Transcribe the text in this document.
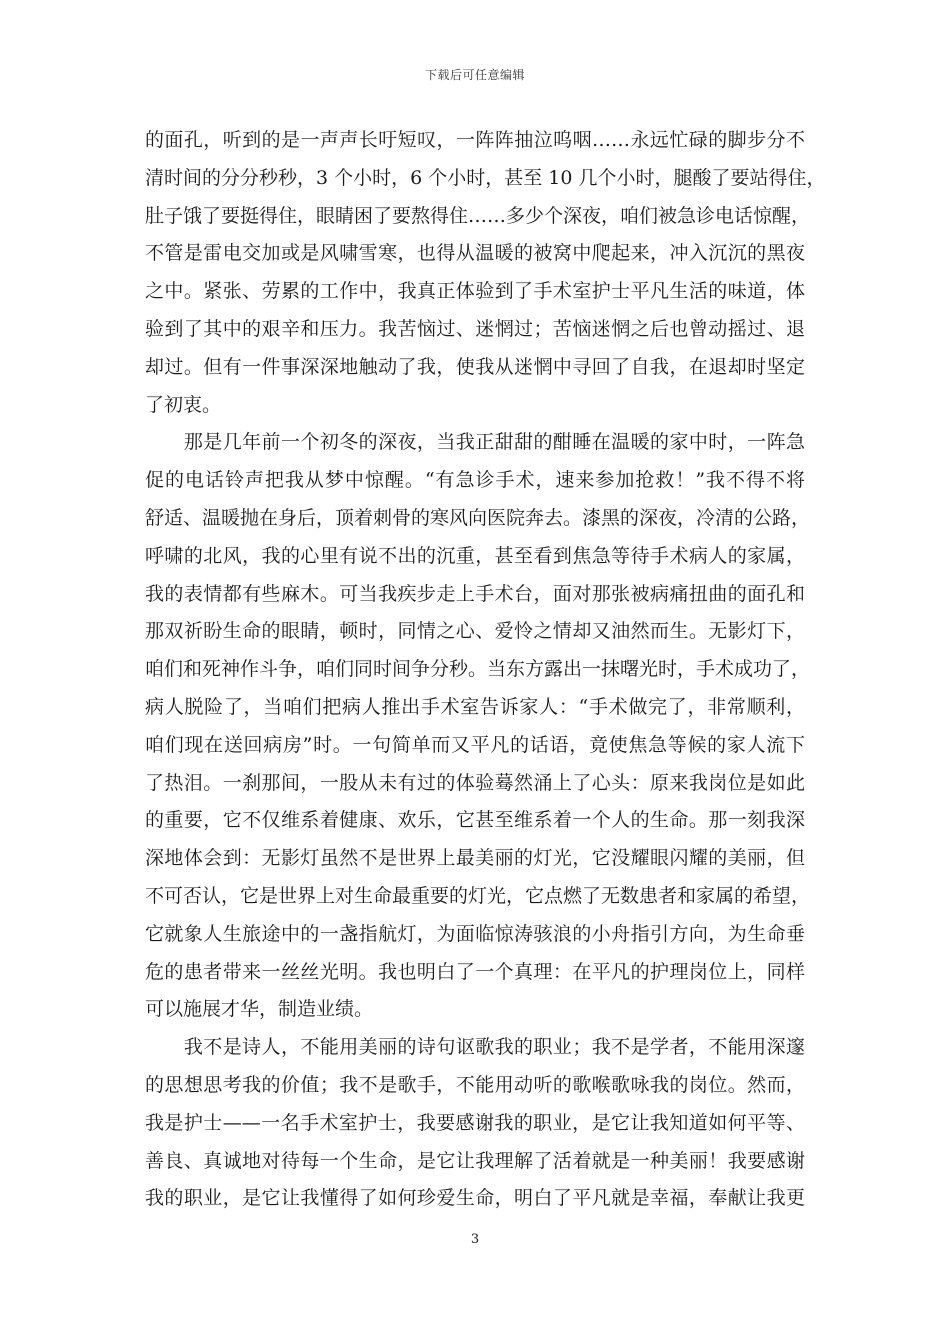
下载后可任意编辑
的面孔，听到的是一声声长吁短叹，一阵阵抽泣呜咽……永远忙碌的脚步分不
清时间的分分秒秒，3 个小时，6 个小时，甚至 10 几个小时，腿酸了要站得住，
肚子饿了要挺得住，眼睛困了要熬得住……多少个深夜，咱们被急诊电话惊醒，
不管是雷电交加或是风啸雪寒，也得从温暖的被窝中爬起来，冲入沉沉的黑夜
之中。紧张、劳累的工作中，我真正体验到了手术室护士平凡生活的味道，体
验到了其中的艰辛和压力。我苦恼过、迷惘过；苦恼迷惘之后也曾动摇过、退
却过。但有一件事深深地触动了我，使我从迷惘中寻回了自我，在退却时坚定
了初衷。
　　那是几年前一个初冬的深夜，当我正甜甜的酣睡在温暖的家中时，一阵急
促的电话铃声把我从梦中惊醒。“有急诊手术，速来参加抢救！”我不得不将
舒适、温暖抛在身后，顶着刺骨的寒风向医院奔去。漆黑的深夜，冷清的公路，
呼啸的北风，我的心里有说不出的沉重，甚至看到焦急等待手术病人的家属，
我的表情都有些麻木。可当我疾步走上手术台，面对那张被病痛扭曲的面孔和
那双祈盼生命的眼睛，顿时，同情之心、爱怜之情却又油然而生。无影灯下，
咱们和死神作斗争，咱们同时间争分秒。当东方露出一抹曙光时，手术成功了，
病人脱险了，当咱们把病人推出手术室告诉家人：“手术做完了，非常顺利，
咱们现在送回病房”时。一句简单而又平凡的话语，竟使焦急等候的家人流下
了热泪。一刹那间，一股从未有过的体验蓦然涌上了心头：原来我岗位是如此
的重要，它不仅维系着健康、欢乐，它甚至维系着一个人的生命。那一刻我深
深地体会到：无影灯虽然不是世界上最美丽的灯光，它没耀眼闪耀的美丽，但
不可否认，它是世界上对生命最重要的灯光，它点燃了无数患者和家属的希望，
它就象人生旅途中的一盏指航灯，为面临惊涛骇浪的小舟指引方向，为生命垂
危的患者带来一丝丝光明。我也明白了一个真理：在平凡的护理岗位上，同样
可以施展才华，制造业绩。
　　我不是诗人，不能用美丽的诗句讴歌我的职业；我不是学者，不能用深邃
的思想思考我的价值；我不是歌手，不能用动听的歌喉歌咏我的岗位。然而，
我是护士——一名手术室护士，我要感谢我的职业，是它让我知道如何平等、
善良、真诚地对待每一个生命，是它让我理解了活着就是一种美丽！我要感谢
我的职业，是它让我懂得了如何珍爱生命，明白了平凡就是幸福，奉献让我更
3
